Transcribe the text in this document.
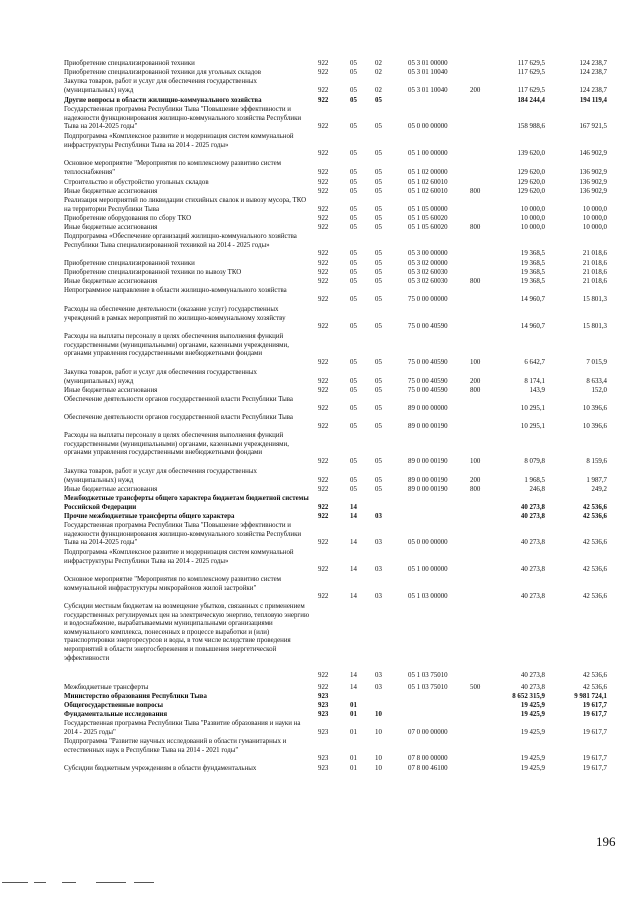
Приобретение специализированной техники	922	05	02	05 3 01 00000	117 629,5	124 238,7
Приобретение специализированной техники для угольных складов	922	05	02	05 3 01 10040	117 629,5	124 238,7
Закупка товаров, работ и услуг для обеспечения государственных (муниципальных) нужд	922	05	02	05 3 01 10040	200	117 629,5	124 238,7
Другие вопросы в области жилищно-коммунального хозяйства	922	05	05	184 244,4	194 119,4
Государственная программа Республики Тыва "Повышение эффективности и надежности функционирования жилищно-коммунального хозяйства Республики Тыва на 2014-2025 годы"	922	05	05	05 0 00 00000	158 988,6	167 921,5
Подпрограмма «Комплексное развитие и модернизация систем коммунальной инфраструктуры Республики Тыва на 2014 - 2025 годы»
922	05	05	05 1 00 00000	139 620,0	146 902,9
Основное мероприятие "Мероприятия по комплексному развитию систем теплоснабжения"	922	05	05	05 1 02 00000	129 620,0	136 902,9
Строительство и обустройство угольных складов	922	05	05	05 1 02 60010	129 620,0	136 902,9
Иные бюджетные ассигнования	922	05	05	05 1 02 60010	800	129 620,0	136 902,9
Реализация мероприятий по ликвидации стихийных свалок и вывозу мусора, ТКО на территории Республики Тыва	922	05	05	05 1 05 00000	10 000,0	10 000,0
Приобретение оборудования по сбору ТКО	922	05	05	05 1 05 60020	10 000,0	10 000,0
Иные бюджетные ассигнования	922	05	05	05 1 05 60020	800	10 000,0	10 000,0
Подпрограмма «Обеспечение организаций жилищно-коммунального хозяйства Республики Тыва специализированной техникой на 2014 - 2025 годы»
922	05	05	05 3 00 00000	19 368,5	21 018,6
Приобретение специализированной техники	922	05	05	05 3 02 00000	19 368,5	21 018,6
Приобретение специализированной техники по вывозу ТКО	922	05	05	05 3 02 60030	19 368,5	21 018,6
Иные бюджетные ассигнования	922	05	05	05 3 02 60030	800	19 368,5	21 018,6
Непрограммное направление в области жилищно-коммунального хозяйства
922	05	05	75 0 00 00000	14 960,7	15 801,3
Расходы на обеспечение деятельности (оказание услуг) государственных учреждений в рамках мероприятий по жилищно-коммунальному хозяйству
922	05	05	75 0 00 40590	14 960,7	15 801,3
Расходы на выплаты персоналу в целях обеспечения выполнения функций государственными (муниципальными) органами, казенными учреждениями, органами управления государственными внебюджетными фондами
922	05	05	75 0 00 40590	100	6 642,7	7 015,9
Закупка товаров, работ и услуг для обеспечения государственных (муниципальных) нужд	922	05	05	75 0 00 40590	200	8 174,1	8 633,4
Иные бюджетные ассигнования	922	05	05	75 0 00 40590	800	143,9	152,0
Обеспечение деятельности органов государственной власти Республики Тыва
922	05	05	89 0 00 00000	10 295,1	10 396,6
Обеспечение деятельности органов государственной власти Республики Тыва
922	05	05	89 0 00 00190	10 295,1	10 396,6
Расходы на выплаты персоналу в целях обеспечения выполнения функций государственными (муниципальными) органами, казенными учреждениями, органами управления государственными внебюджетными фондами
922	05	05	89 0 00 00190	100	8 079,8	8 159,6
Закупка товаров, работ и услуг для обеспечения государственных (муниципальных) нужд	922	05	05	89 0 00 00190	200	1 968,5	1 987,7
Иные бюджетные ассигнования	922	05	05	89 0 00 00190	800	246,8	249,2
Межбюджетные трансферты общего характера бюджетам бюджетной системы Российской Федерации	922	14	40 273,8	42 536,6
Прочие межбюджетные трансферты общего характера	922	14	03	40 273,8	42 536,6
Государственная программа Республики Тыва "Повышение эффективности и надежности функционирования жилищно-коммунального хозяйства Республики Тыва на 2014-2025 годы"	922	14	03	05 0 00 00000	40 273,8	42 536,6
Подпрограмма «Комплексное развитие и модернизация систем коммунальной инфраструктуры Республики Тыва на 2014 - 2025 годы»
922	14	03	05 1 00 00000	40 273,8	42 536,6
Основное мероприятие "Мероприятия по комплексному развитию систем коммунальной инфраструктуры микрорайонов жилой застройки"
922	14	03	05 1 03 00000	40 273,8	42 536,6
Субсидии местным бюджетам на возмещение убытков, связанных с применением государственных регулируемых цен на электрическую энергию, тепловую энергию и водоснабжение, вырабатываемыми муниципальными организациями коммунального комплекса, понесенных в процессе выработки и (или) транспортировки энергоресурсов и воды, в том числе вследствие проведения мероприятий в области энергосбережения и повышения энергетической эффективности
922	14	03	05 1 03 75010	40 273,8	42 536,6
Межбюджетные трансферты	922	14	03	05 1 03 75010	500	40 273,8	42 536,6
Министерство образования Республики Тыва	923	8 652 315,9	9 981 724,1
Общегосударственные вопросы	923	01	19 425,9	19 617,7
Фундаментальные исследования	923	01	10	19 425,9	19 617,7
Государственная программа Республики Тыва "Развитие образования и науки на 2014 - 2025 годы"	923	01	10	07 0 00 00000	19 425,9	19 617,7
Подпрограмма "Развитие научных исследований в области гуманитарных и естественных наук в Республике Тыва на 2014 - 2021 годы"
923	01	10	07 8 00 00000	19 425,9	19 617,7
Субсидии бюджетным учреждениям в области фундаментальных	923	01	10	07 8 00 46100	19 425,9	19 617,7
196
